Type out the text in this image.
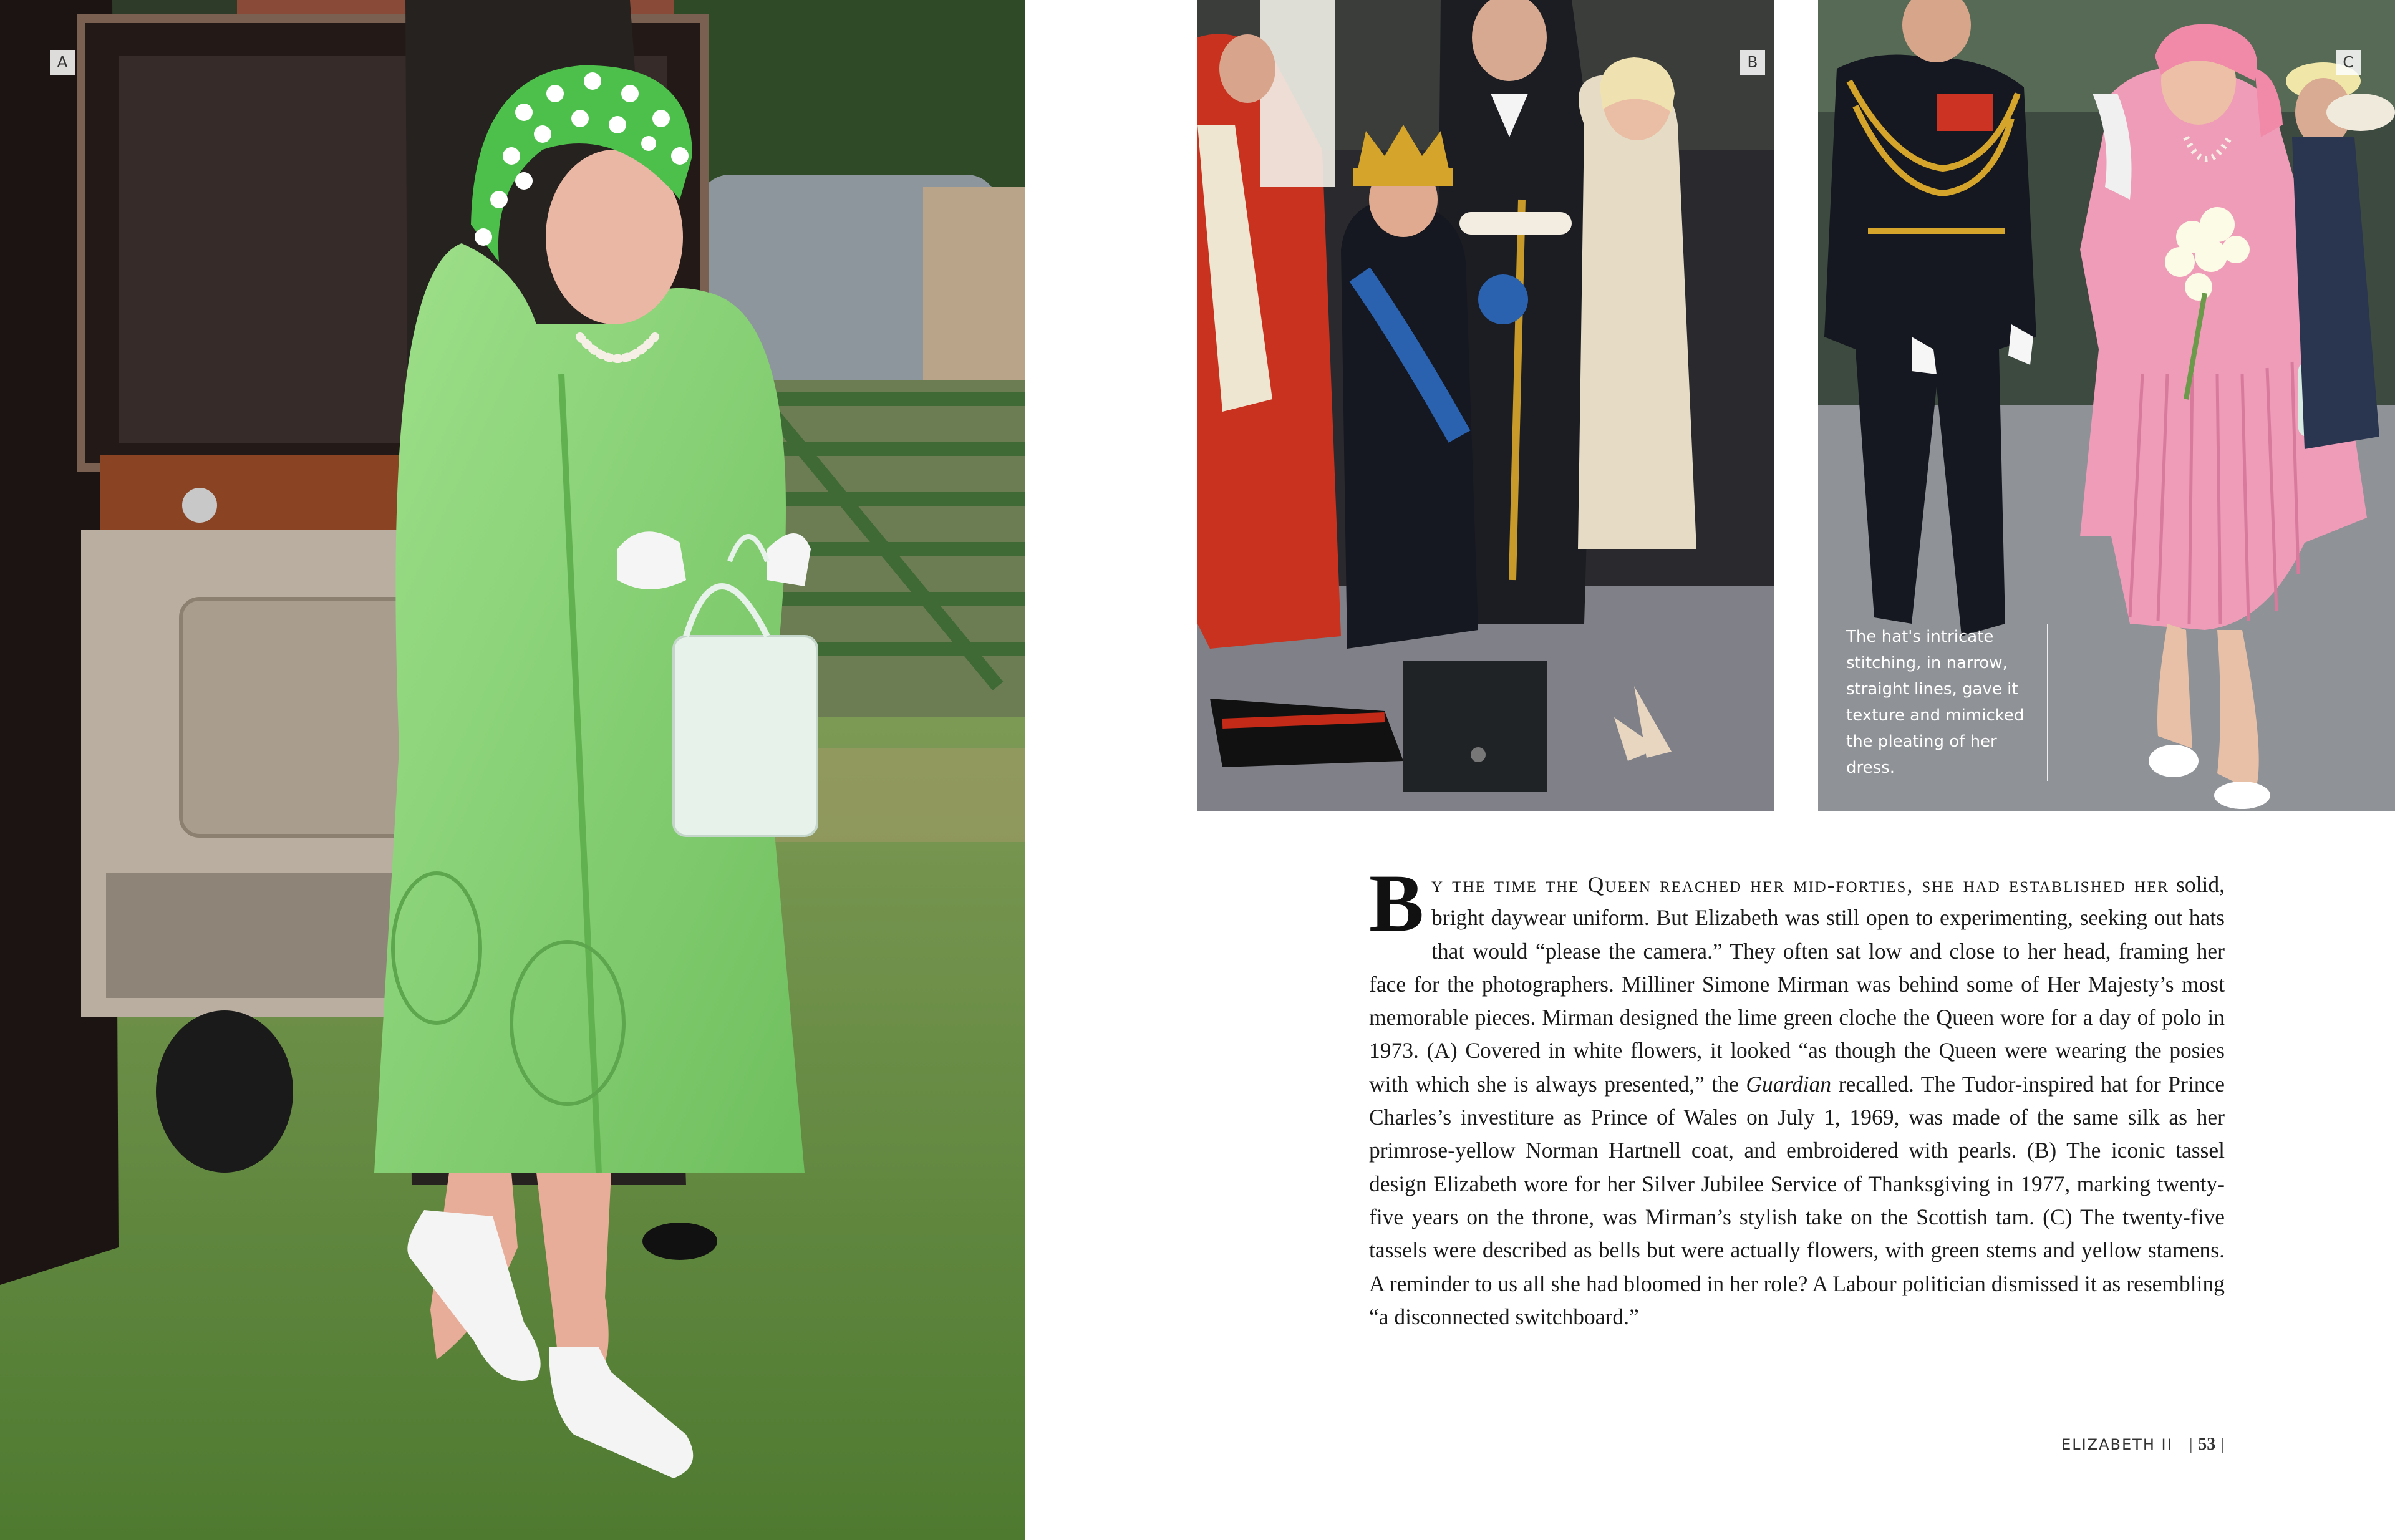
A	B	C
The hat's intricate stitching, in narrow, straight lines, gave it texture and mimicked the pleating of her dress.
By the time the Queen reached her mid-forties, she had established her solid, bright daywear uniform. But Elizabeth was still open to experimenting, seeking out hats that would “please the camera.” They often sat low and close to her head, framing her face for the photographers. Milliner Simone Mirman was behind some of Her Majesty’s most memorable pieces. Mirman designed the lime green cloche the Queen wore for a day of polo in 1973. (A) Covered in white flowers, it looked “as though the Queen were wearing the posies with which she is always presented,” the Guardian recalled. The Tudor-inspired hat for Prince Charles’s investiture as Prince of Wales on July 1, 1969, was made of the same silk as her primrose-yellow Norman Hartnell coat, and embroidered with pearls. (B) The iconic tassel design Elizabeth wore for her Silver Jubilee Service of Thanksgiving in 1977, marking twenty-five years on the throne, was Mirman’s stylish take on the Scottish tam. (C) The twenty-five tassels were described as bells but were actually flowers, with green stems and yellow stamens. A reminder to us all she had bloomed in her role? A Labour politician dismissed it as resembling “a disconnected switchboard.”
ELIZABETH II   | 53 |
